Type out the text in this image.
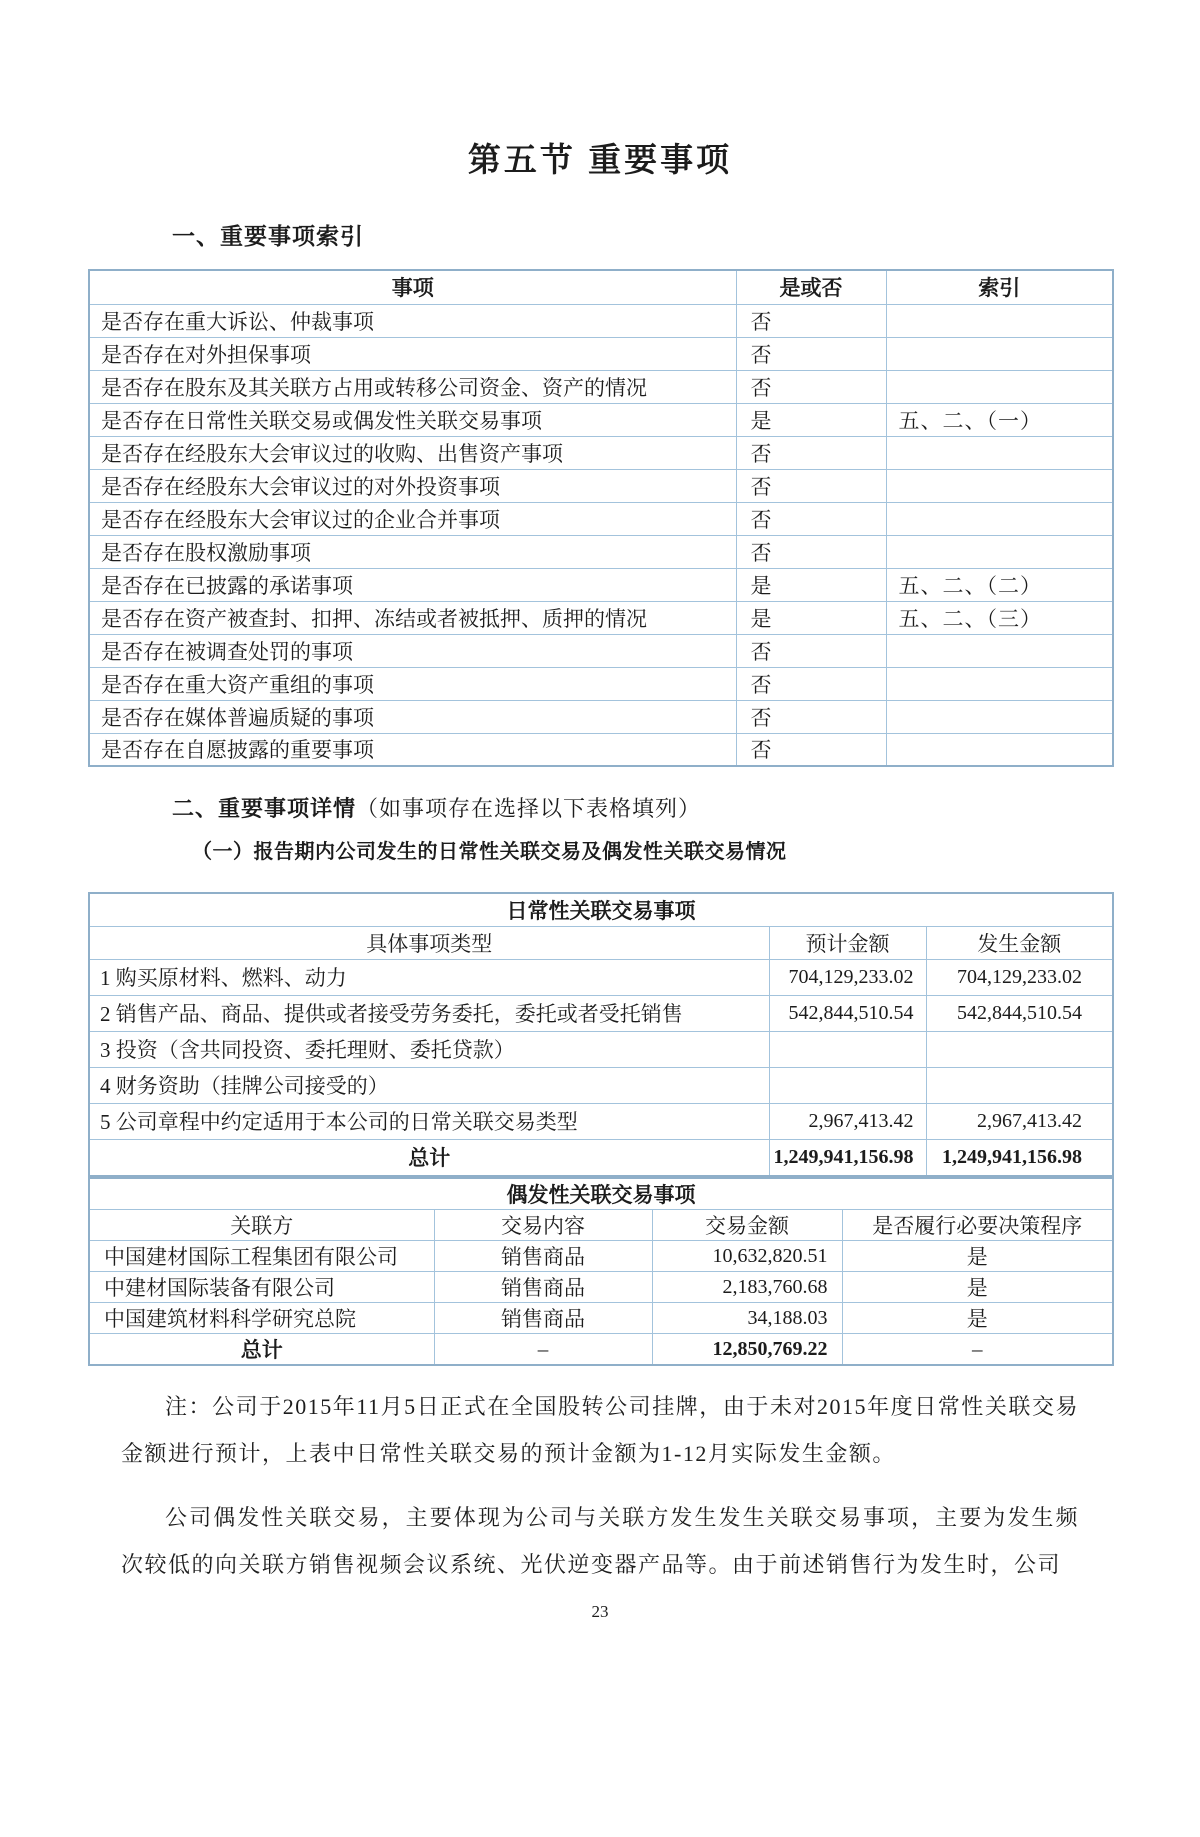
第五节 重要事项
一、重要事项索引
事项	是或否	索引
是否存在重大诉讼、仲裁事项	否	
是否存在对外担保事项	否	
是否存在股东及其关联方占用或转移公司资金、资产的情况	否	
是否存在日常性关联交易或偶发性关联交易事项	是	五、二、（一）
是否存在经股东大会审议过的收购、出售资产事项	否	
是否存在经股东大会审议过的对外投资事项	否	
是否存在经股东大会审议过的企业合并事项	否	
是否存在股权激励事项	否	
是否存在已披露的承诺事项	是	五、二、（二）
是否存在资产被查封、扣押、冻结或者被抵押、质押的情况	是	五、二、（三）
是否存在被调查处罚的事项	否	
是否存在重大资产重组的事项	否	
是否存在媒体普遍质疑的事项	否	
是否存在自愿披露的重要事项	否	
二、重要事项详情（如事项存在选择以下表格填列）
（一）报告期内公司发生的日常性关联交易及偶发性关联交易情况
日常性关联交易事项		
具体事项类型	预计金额	发生金额
1 购买原材料、燃料、动力	704,129,233.02	704,129,233.02
2 销售产品、商品、提供或者接受劳务委托，委托或者受托销售	542,844,510.54	542,844,510.54
3 投资（含共同投资、委托理财、委托贷款）		
4 财务资助（挂牌公司接受的）		
5 公司章程中约定适用于本公司的日常关联交易类型	2,967,413.42	2,967,413.42
总计	1,249,941,156.98	1,249,941,156.98
偶发性关联交易事项			
关联方	交易内容	交易金额	是否履行必要决策程序
中国建材国际工程集团有限公司	销售商品	10,632,820.51	是
中建材国际装备有限公司	销售商品	2,183,760.68	是
中国建筑材料科学研究总院	销售商品	34,188.03	是
总计	–	12,850,769.22	–

注：公司于2015年11月5日正式在全国股转公司挂牌，由于未对2015年度日常性关联交易金额进行预计，上表中日常性关联交易的预计金额为1-12月实际发生金额。

公司偶发性关联交易，主要体现为公司与关联方发生发生关联交易事项，主要为发生频次较低的向关联方销售视频会议系统、光伏逆变器产品等。由于前述销售行为发生时，公司

23
